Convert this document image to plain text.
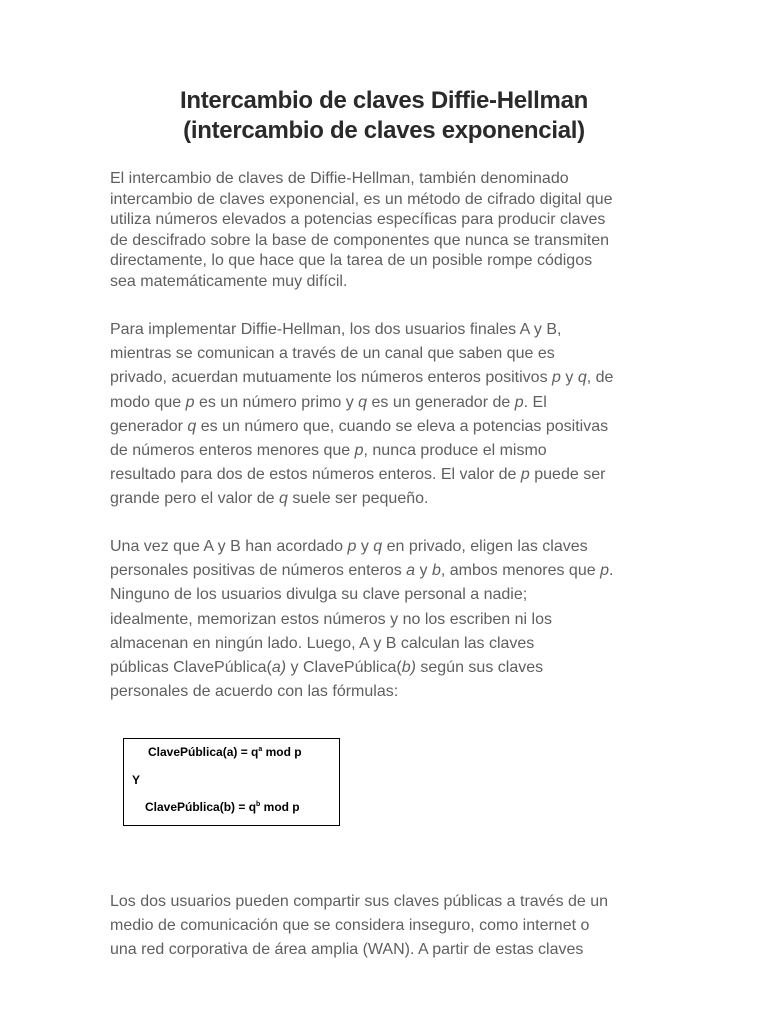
Intercambio de claves Diffie-Hellman
(intercambio de claves exponencial)
El intercambio de claves de Diffie-Hellman, también denominado
intercambio de claves exponencial, es un método de cifrado digital que
utiliza números elevados a potencias específicas para producir claves
de descifrado sobre la base de componentes que nunca se transmiten
directamente, lo que hace que la tarea de un posible rompe códigos
sea matemáticamente muy difícil.
Para implementar Diffie-Hellman, los dos usuarios finales A y B,
mientras se comunican a través de un canal que saben que es
privado, acuerdan mutuamente los números enteros positivos p y q, de
modo que p es un número primo y q es un generador de p. El
generador q es un número que, cuando se eleva a potencias positivas
de números enteros menores que p, nunca produce el mismo
resultado para dos de estos números enteros. El valor de p puede ser
grande pero el valor de q suele ser pequeño.
Una vez que A y B han acordado p y q en privado, eligen las claves
personales positivas de números enteros a y b, ambos menores que p.
Ninguno de los usuarios divulga su clave personal a nadie;
idealmente, memorizan estos números y no los escriben ni los
almacenan en ningún lado. Luego, A y B calculan las claves
públicas ClavePública(a) y ClavePública(b) según sus claves
personales de acuerdo con las fórmulas:
ClavePública(a) = $q^a$ mod p
Y
ClavePública(b) = $q^b$ mod p
Los dos usuarios pueden compartir sus claves públicas a través de un
medio de comunicación que se considera inseguro, como internet o
una red corporativa de área amplia (WAN). A partir de estas claves
